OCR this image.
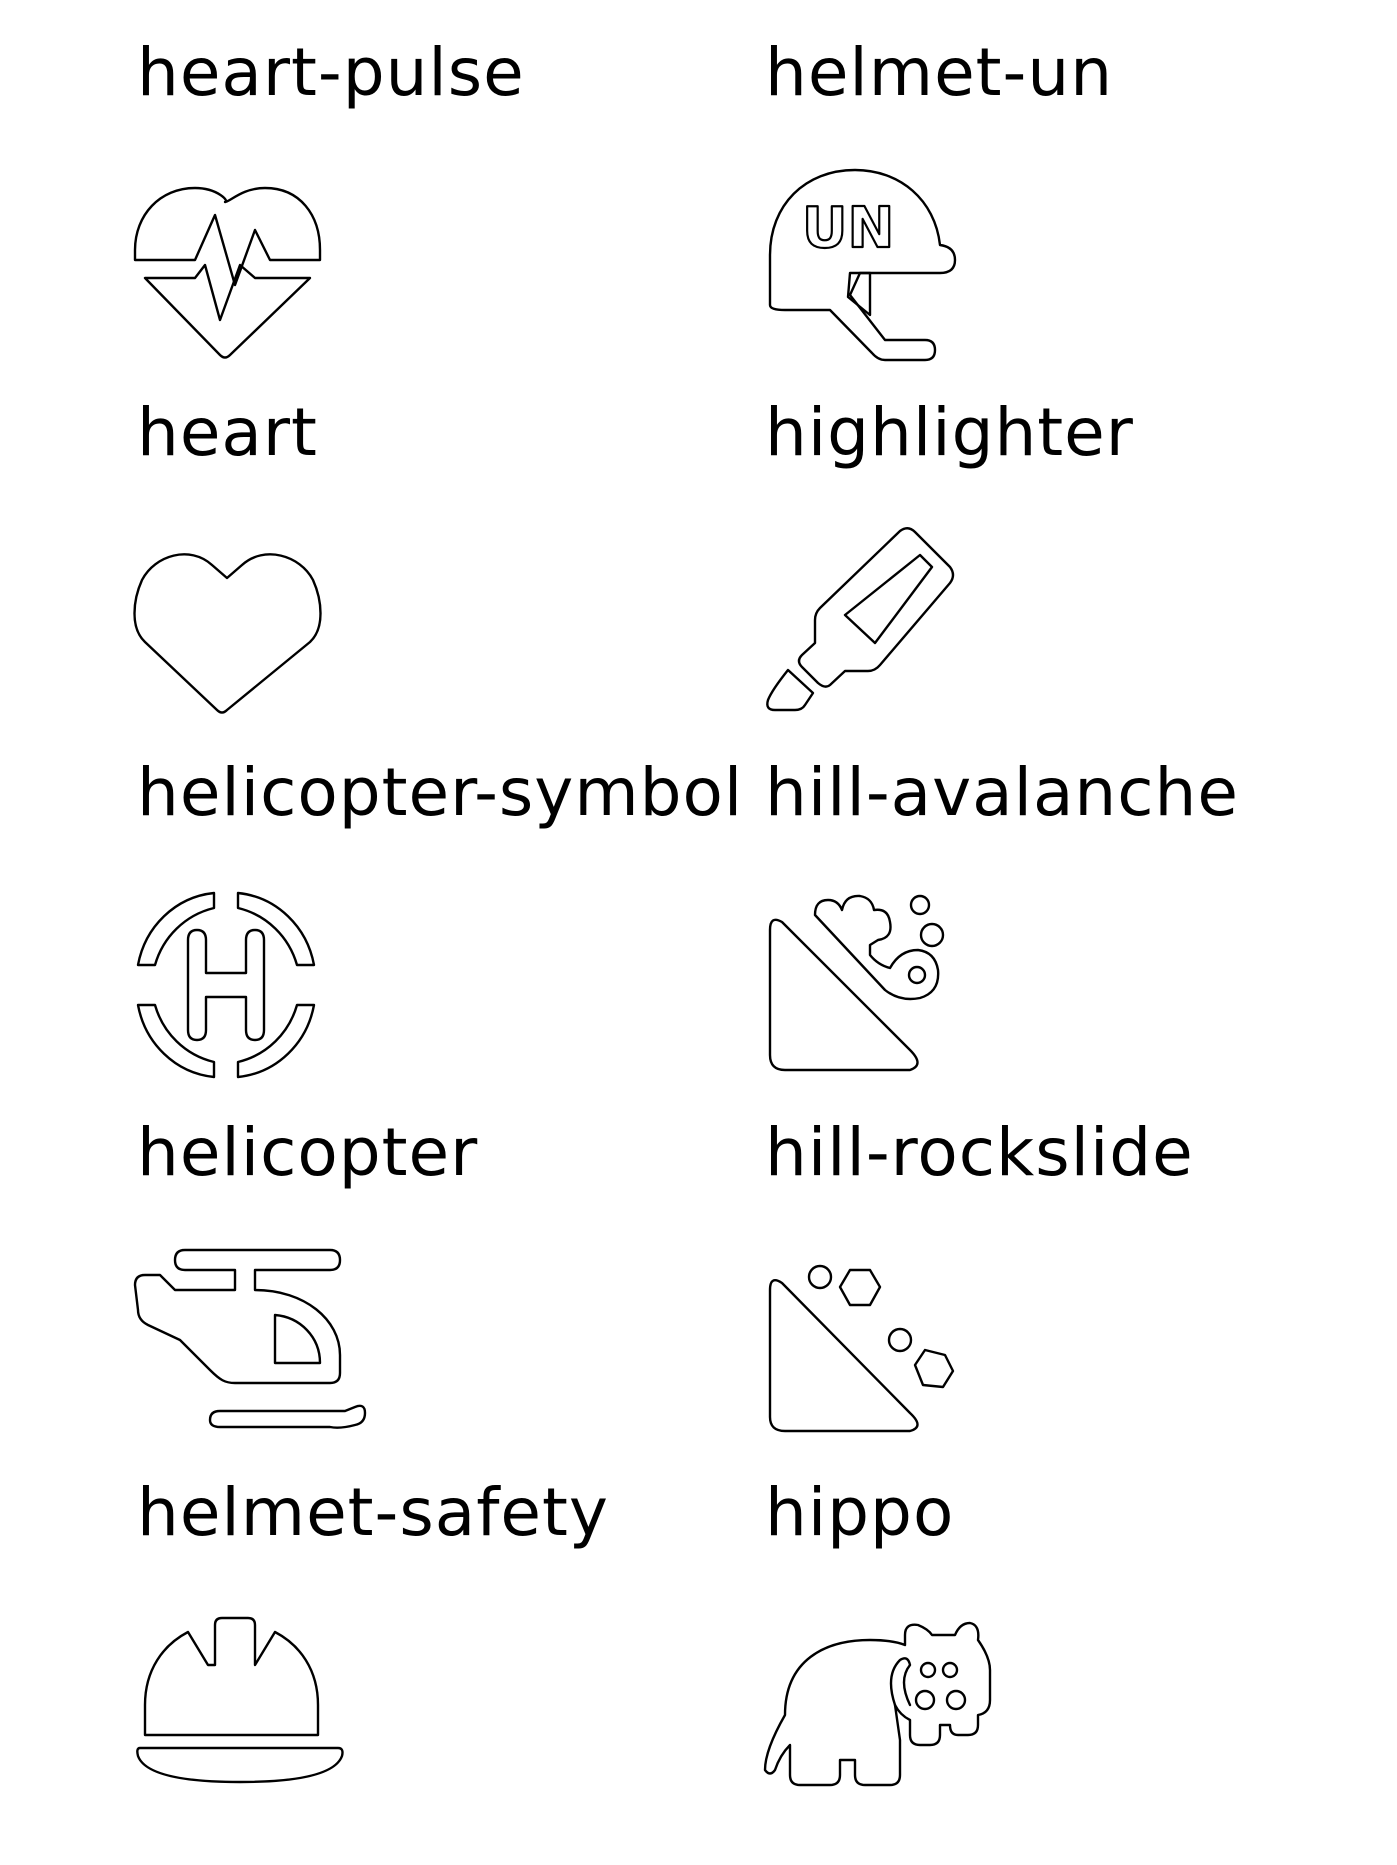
heart-pulse
heart
helicopter-symbol
helicopter
helmet-safety
helmet-un
UN
highlighter
hill-avalanche
hill-rockslide
hippo
